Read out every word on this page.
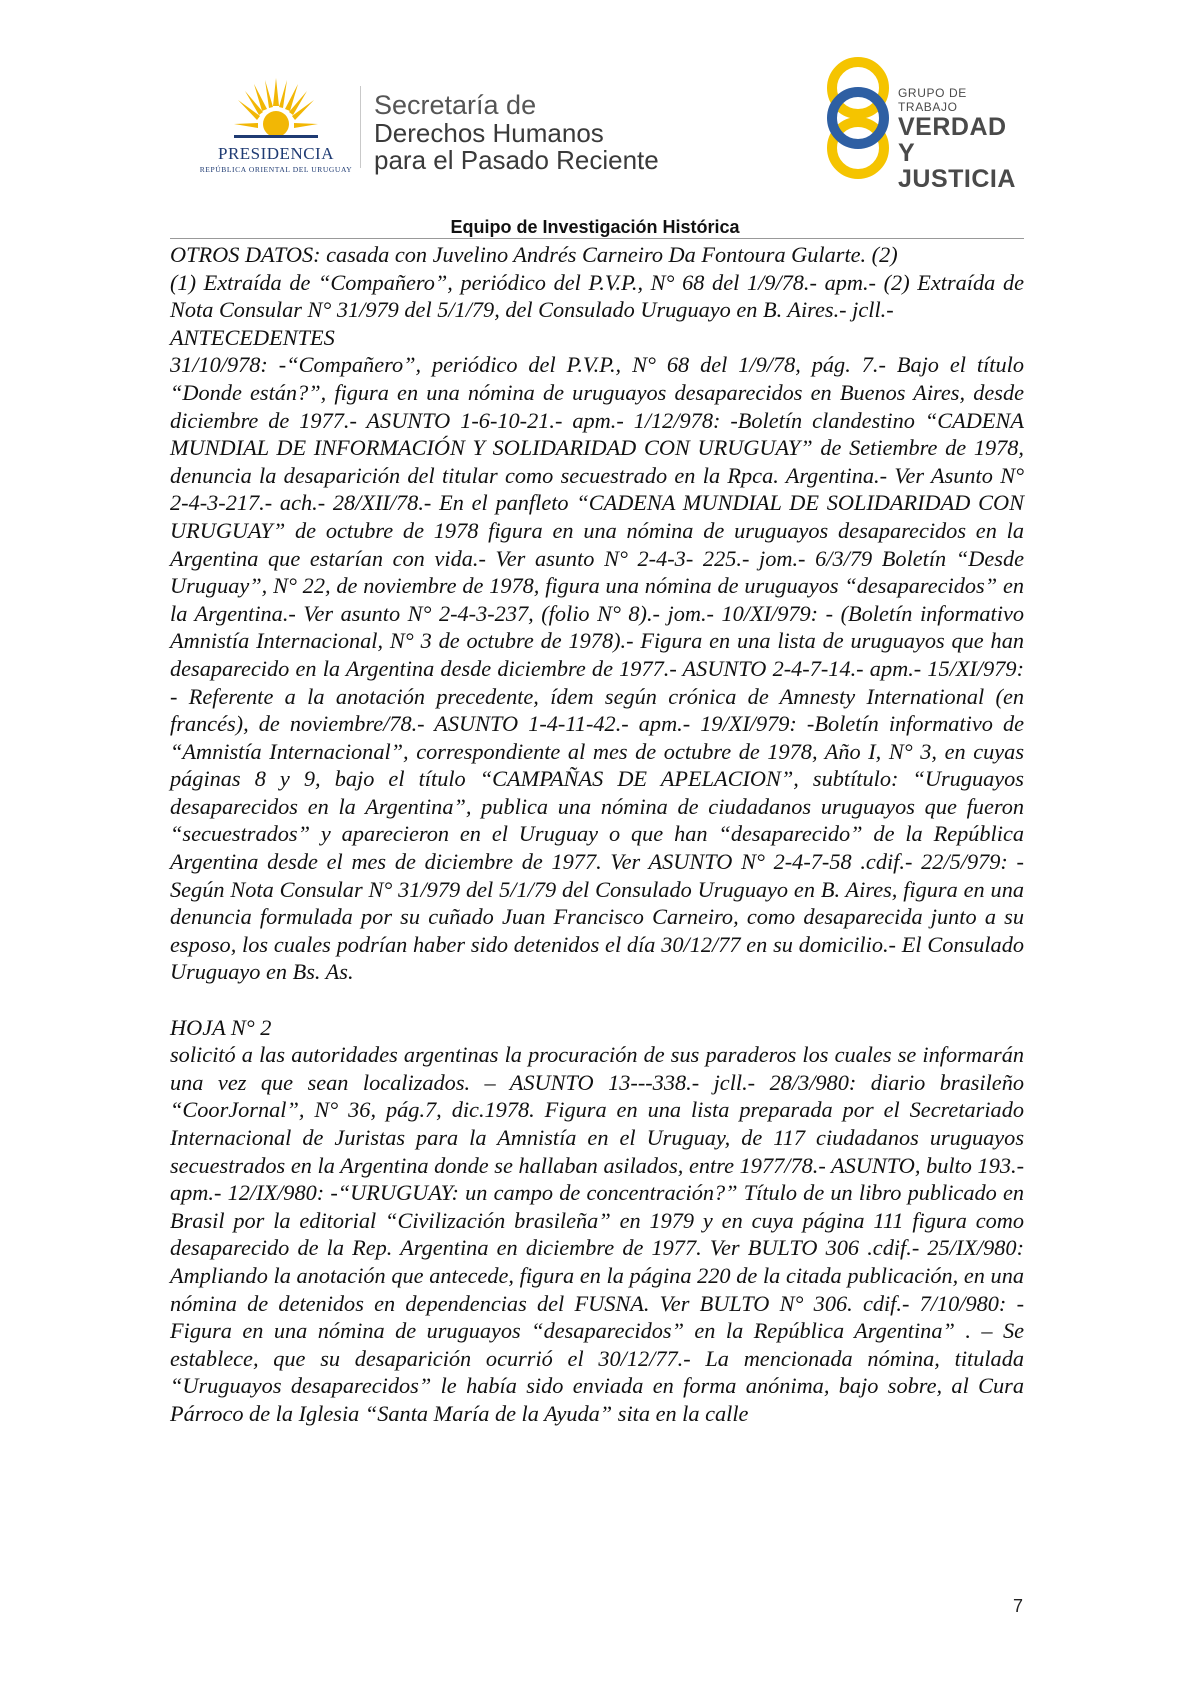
PRESIDENCIA
REPÚBLICA ORIENTAL DEL URUGUAY
Secretaría de
Derechos Humanos
para el Pasado Reciente
GRUPO DE TRABAJO
VERDAD Y
JUSTICIA
Equipo de Investigación Histórica

OTROS DATOS: casada con Juvelino Andrés Carneiro Da Fontoura Gularte. (2)

(1) Extraída de “Compañero”, periódico del P.V.P., N° 68 del 1/9/78.- apm.- (2) Extraída de Nota Consular N° 31/979 del 5/1/79, del Consulado Uruguayo en B. Aires.- jcll.-

ANTECEDENTES

31/10/978: -“Compañero”, periódico del P.V.P., N° 68 del 1/9/78, pág. 7.- Bajo el título “Donde están?”, figura en una nómina de uruguayos desaparecidos en Buenos Aires, desde diciembre de 1977.- ASUNTO 1-6-10-21.- apm.- 1/12/978: -Boletín clandestino “CADENA MUNDIAL DE INFORMACIÓN Y SOLIDARIDAD CON URUGUAY” de Setiembre de 1978, denuncia la desaparición del titular como secuestrado en la Rpca. Argentina.- Ver Asunto N° 2-4-3-217.- ach.- 28/XII/78.- En el panfleto “CADENA MUNDIAL DE SOLIDARIDAD CON URUGUAY” de octubre de 1978 figura en una nómina de uruguayos desaparecidos en la Argentina que estarían con vida.- Ver asunto N° 2-4-3- 225.- jom.- 6/3/79 Boletín “Desde Uruguay”, N° 22, de noviembre de 1978, figura una nómina de uruguayos “desaparecidos” en la Argentina.- Ver asunto N° 2-4-3-237, (folio N° 8).- jom.- 10/XI/979: - (Boletín informativo Amnistía Internacional, N° 3 de octubre de 1978).- Figura en una lista de uruguayos que han desaparecido en la Argentina desde diciembre de 1977.- ASUNTO 2-4-7-14.- apm.- 15/XI/979: - Referente a la anotación precedente, ídem según crónica de Amnesty International (en francés), de noviembre/78.- ASUNTO 1-4-11-42.- apm.- 19/XI/979: -Boletín informativo de “Amnistía Internacional”, correspondiente al mes de octubre de 1978, Año I, N° 3, en cuyas páginas 8 y 9, bajo el título “CAMPAÑAS DE APELACION”, subtítulo: “Uruguayos desaparecidos en la Argentina”, publica una nómina de ciudadanos uruguayos que fueron “secuestrados” y aparecieron en el Uruguay o que han “desaparecido” de la República Argentina desde el mes de diciembre de 1977. Ver ASUNTO N° 2-4-7-58 .cdif.- 22/5/979: - Según Nota Consular N° 31/979 del 5/1/79 del Consulado Uruguayo en B. Aires, figura en una denuncia formulada por su cuñado Juan Francisco Carneiro, como desaparecida junto a su esposo, los cuales podrían haber sido detenidos el día 30/12/77 en su domicilio.- El Consulado Uruguayo en Bs. As.

HOJA N° 2

solicitó a las autoridades argentinas la procuración de sus paraderos los cuales se informarán una vez que sean localizados. – ASUNTO 13---338.- jcll.- 28/3/980: diario brasileño “CoorJornal”, N° 36, pág.7, dic.1978. Figura en una lista preparada por el Secretariado Internacional de Juristas para la Amnistía en el Uruguay, de 117 ciudadanos uruguayos secuestrados en la Argentina donde se hallaban asilados, entre 1977/78.- ASUNTO, bulto 193.- apm.- 12/IX/980: -“URUGUAY: un campo de concentración?” Título de un libro publicado en Brasil por la editorial “Civilización brasileña” en 1979 y en cuya página 111 figura como desaparecido de la Rep. Argentina en diciembre de 1977. Ver BULTO 306 .cdif.- 25/IX/980: Ampliando la anotación que antecede, figura en la página 220 de la citada publicación, en una nómina de detenidos en dependencias del FUSNA. Ver BULTO N° 306. cdif.- 7/10/980: - Figura en una nómina de uruguayos “desaparecidos” en la República Argentina” . – Se establece, que su desaparición ocurrió el 30/12/77.- La mencionada nómina, titulada “Uruguayos desaparecidos” le había sido enviada en forma anónima, bajo sobre, al Cura Párroco de la Iglesia “Santa María de la Ayuda” sita en la calle

7
